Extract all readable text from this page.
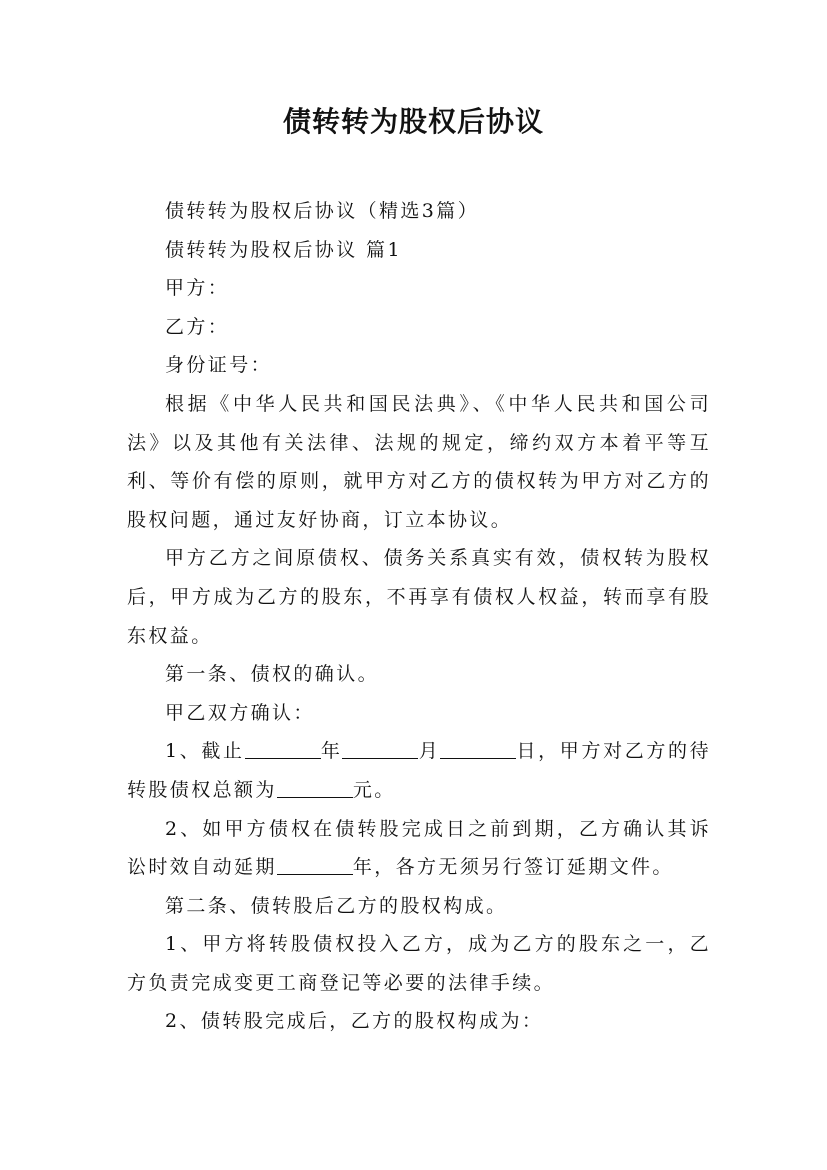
债转转为股权后协议

债转转为股权后协议（精选3篇）

债转转为股权后协议 篇1

甲方：

乙方：

身份证号：

根据《中华人民共和国民法典》、《中华人民共和国公司法》以及其他有关法律、法规的规定，缔约双方本着平等互利、等价有偿的原则，就甲方对乙方的债权转为甲方对乙方的股权问题，通过友好协商，订立本协议。

甲方乙方之间原债权、债务关系真实有效，债权转为股权后，甲方成为乙方的股东，不再享有债权人权益，转而享有股东权益。

第一条、债权的确认。

甲乙双方确认：

1、截止	年	月	日，甲方对乙方的待转股债权总额为	元。

2、如甲方债权在债转股完成日之前到期，乙方确认其诉讼时效自动延期	年，各方无须另行签订延期文件。

第二条、债转股后乙方的股权构成。

1、甲方将转股债权投入乙方，成为乙方的股东之一，乙方负责完成变更工商登记等必要的法律手续。

2、债转股完成后，乙方的股权构成为：
